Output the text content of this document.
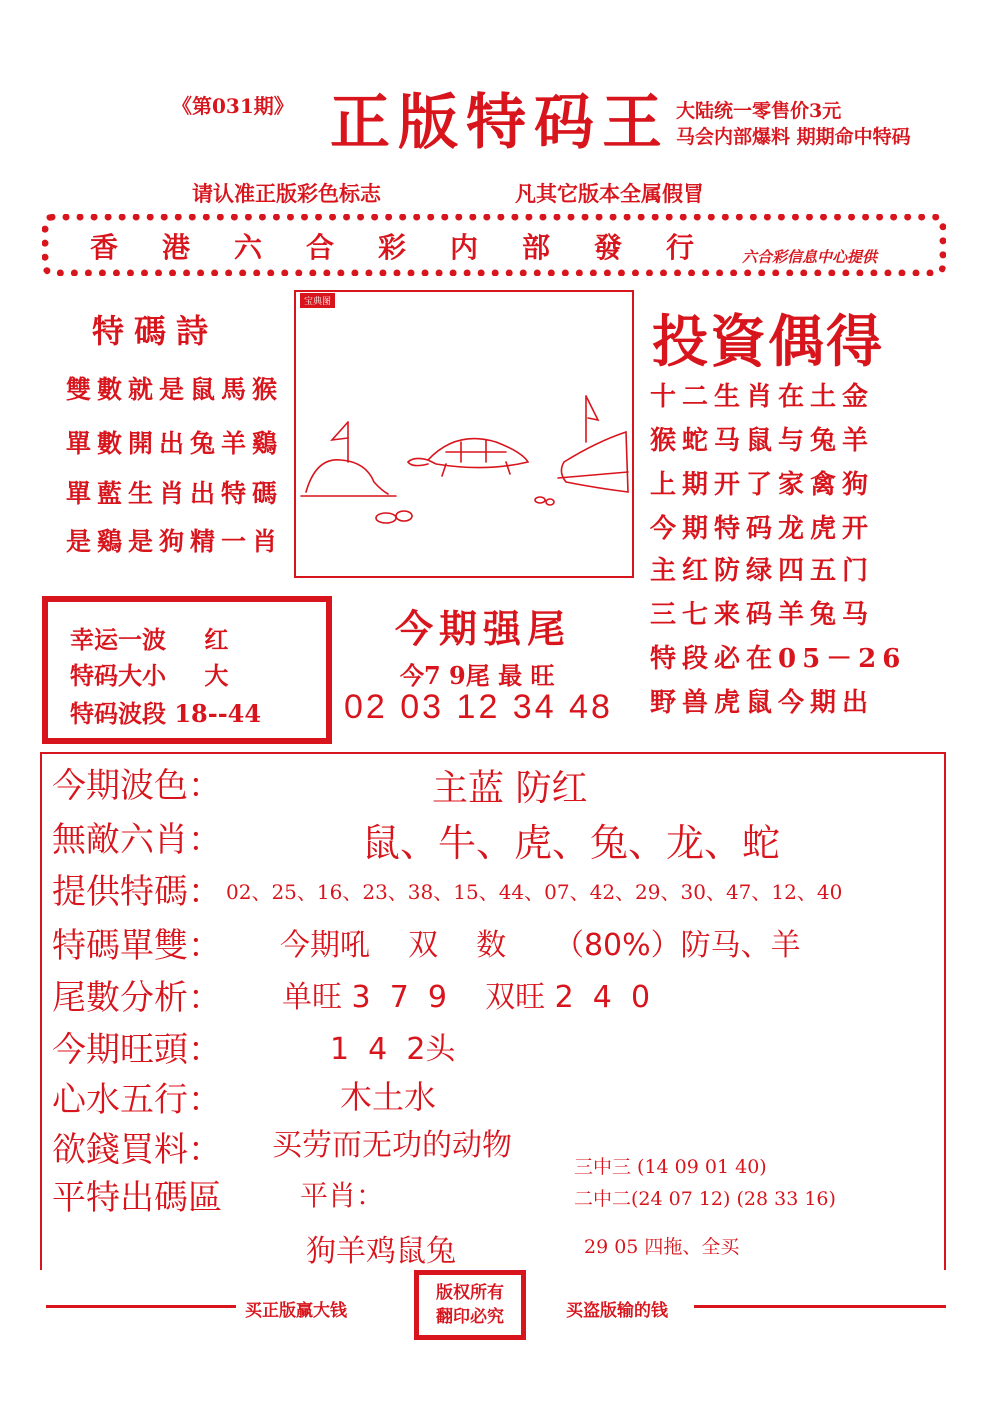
《第031期》 正版特码王 大陆统一零售价3元
马会内部爆料 期期命中特码
请认准正版彩色标志	凡其它版本全属假冒
香港六合彩内部發行 六合彩信息中心提供
特碼詩
雙數就是鼠馬猴
單數開出兔羊鷄
單藍生肖出特碼
是鷄是狗精一肖
宝典图
投資偶得
十二生肖在土金
猴蛇马鼠与兔羊
上期开了家禽狗
今期特码龙虎开
主红防绿四五门
三七来码羊兔马
特段必在05－26
野兽虎鼠今期出
幸运一波 红
特码大小 大
特码波段 18--44
今期强尾
今7 9尾 最 旺
02 03 12 34 48
今期波色：	主蓝 防红
無敵六肖：	鼠、牛、虎、兔、龙、蛇
提供特碼： 02、25、16、23、38、15、44、07、42、29、30、47、12、40
特碼單雙： 今期吼    双    数     （80%）防马、羊
尾數分析： 单旺 3  7  9    双旺 2  4  0
今期旺頭：	1  4  2头
心水五行：	木土水
欲錢買料： 买劳而无功的动物
平特出碼區	平肖：
狗羊鸡鼠兔
三中三 (14 09 01 40)
二中二(24 07 12) (28 33 16)
29 05 四拖、全买
买正版赢大钱
版权所有
翻印必究	买盗版输的钱
